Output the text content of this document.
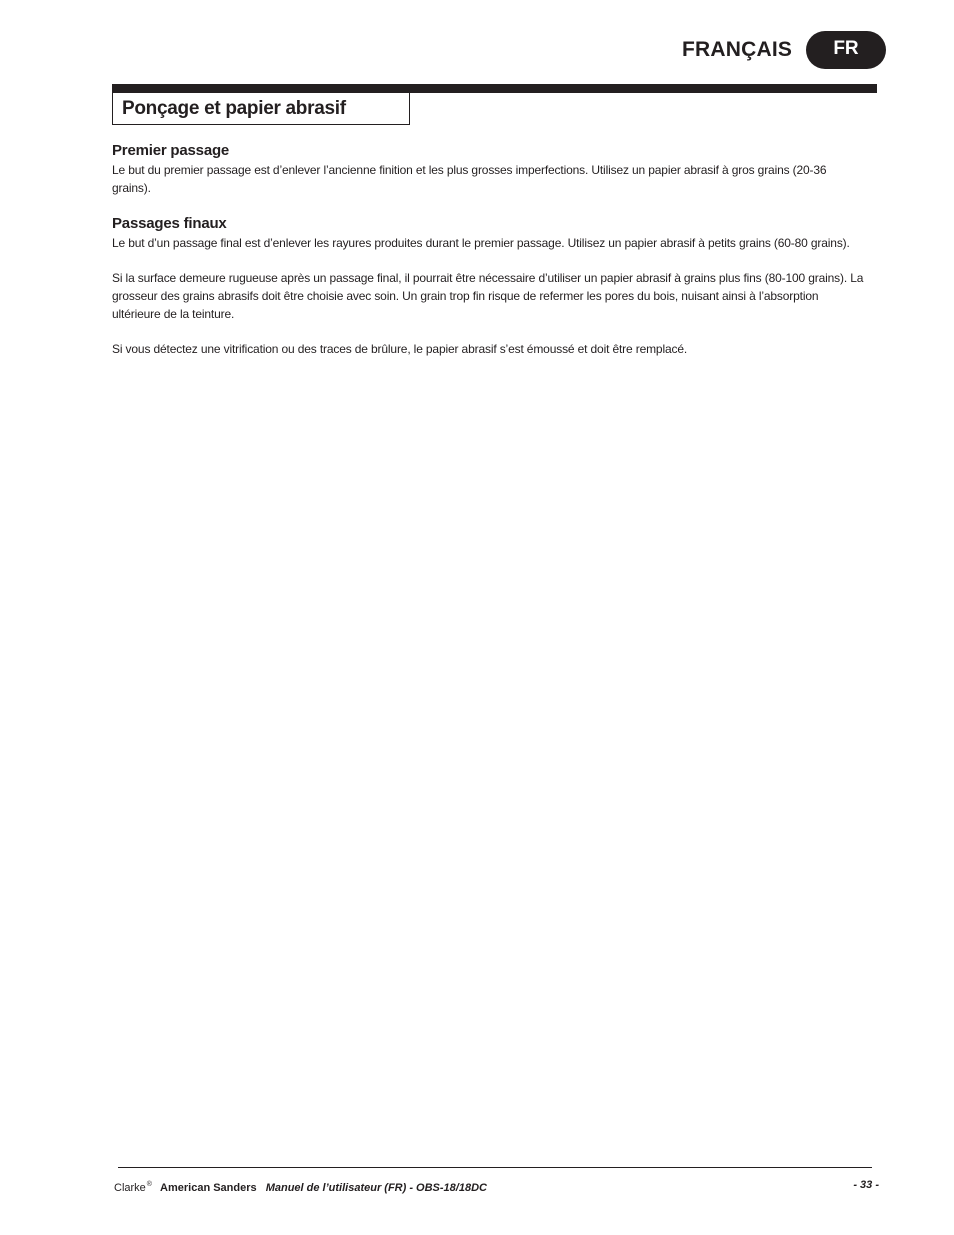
FRANÇAIS	FR
Ponçage et papier abrasif
Premier passage

Le but du premier passage est d’enlever l’ancienne finition et les plus grosses imperfections. Utilisez un papier abrasif à gros grains (20-36 grains).

Passages finaux

Le but d’un passage final est d’enlever les rayures produites durant le premier passage. Utilisez un papier abrasif à petits grains (60-80 grains).

Si la surface demeure rugueuse après un passage final, il pourrait être nécessaire d’utiliser un papier abrasif à grains plus fins (80-100 grains). La grosseur des grains abrasifs doit être choisie avec soin. Un grain trop fin risque de refermer les pores du bois, nuisant ainsi à l’absorption ultérieure de la teinture.

Si vous détectez une vitrification ou des traces de brûlure, le papier abrasif s’est émoussé et doit être remplacé.

Clarke® American Sanders Manuel de l’utilisateur (FR) - OBS-18/18DC	- 33 -
